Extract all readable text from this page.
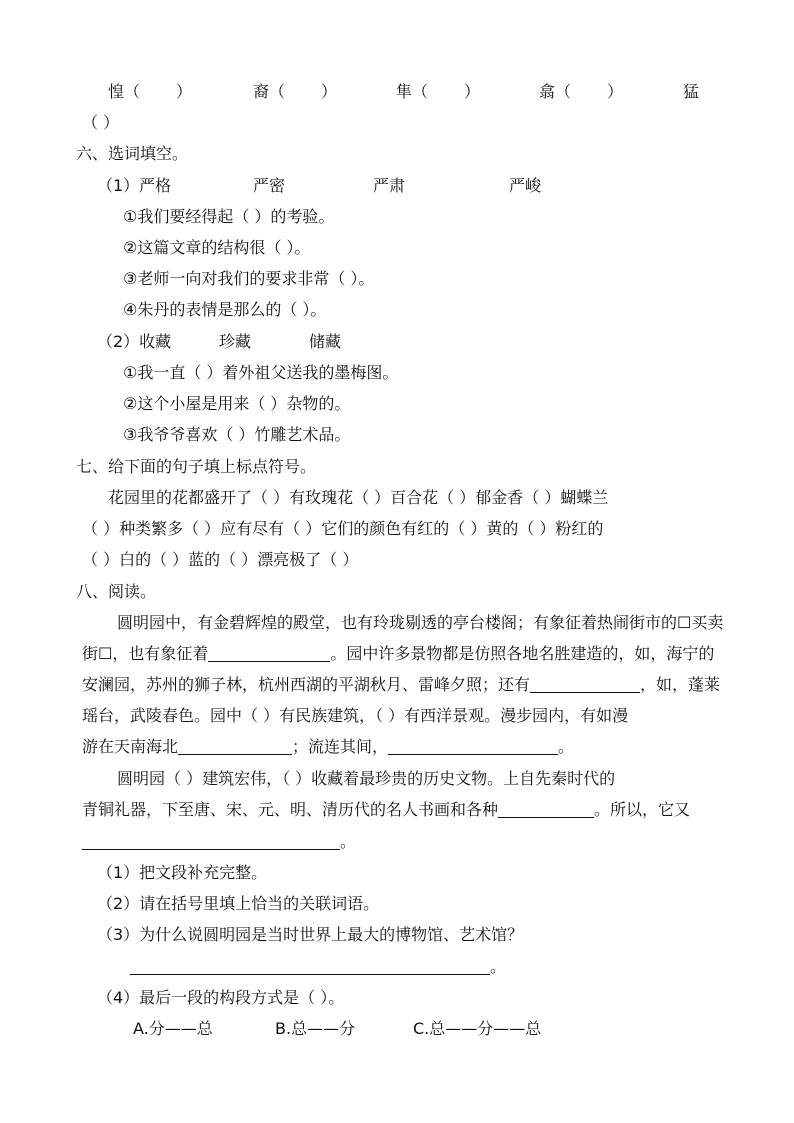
惶（ ）	裔（ ）	隼（ ）	翕（ ）	猛
（ ）
六、选词填空。
（1）严格	严密	严肃	严峻
①我们要经得起（ ）的考验。
②这篇文章的结构很（ ）。
③老师一向对我们的要求非常（ ）。
④朱丹的表情是那么的（ ）。
（2）收藏	珍藏	储藏
①我一直（ ）着外祖父送我的墨梅图。
②这个小屋是用来（ ）杂物的。
③我爷爷喜欢（ ）竹雕艺术品。
七、给下面的句子填上标点符号。
花园里的花都盛开了（ ）有玫瑰花（ ）百合花（ ）郁金香（ ）蝴蝶兰
（ ）种类繁多（ ）应有尽有（ ）它们的颜色有红的（ ）黄的（ ）粉红的
（ ）白的（ ）蓝的（ ）漂亮极了（ ）
八、阅读。
圆明园中，有金碧辉煌的殿堂，也有玲珑剔透的亭台楼阁；有象征着热闹街市的☐买卖
街☐，也有象征着	。园中许多景物都是仿照各地名胜建造的，如，海宁的
安澜园，苏州的狮子林，杭州西湖的平湖秋月、雷峰夕照；还有	，如，蓬莱
瑶台，武陵春色。园中（ ）有民族建筑，（ ）有西洋景观。漫步园内，有如漫
游在天南海北	；流连其间，	。
圆明园（ ）建筑宏伟，（ ）收藏着最珍贵的历史文物。上自先秦时代的
青铜礼器，下至唐、宋、元、明、清历代的名人书画和各种	。所以，它又
。
（1）把文段补充完整。
（2）请在括号里填上恰当的关联词语。
（3）为什么说圆明园是当时世界上最大的博物馆、艺术馆？
。
（4）最后一段的构段方式是（ ）。
A.分——总	B.总——分	C.总——分——总
